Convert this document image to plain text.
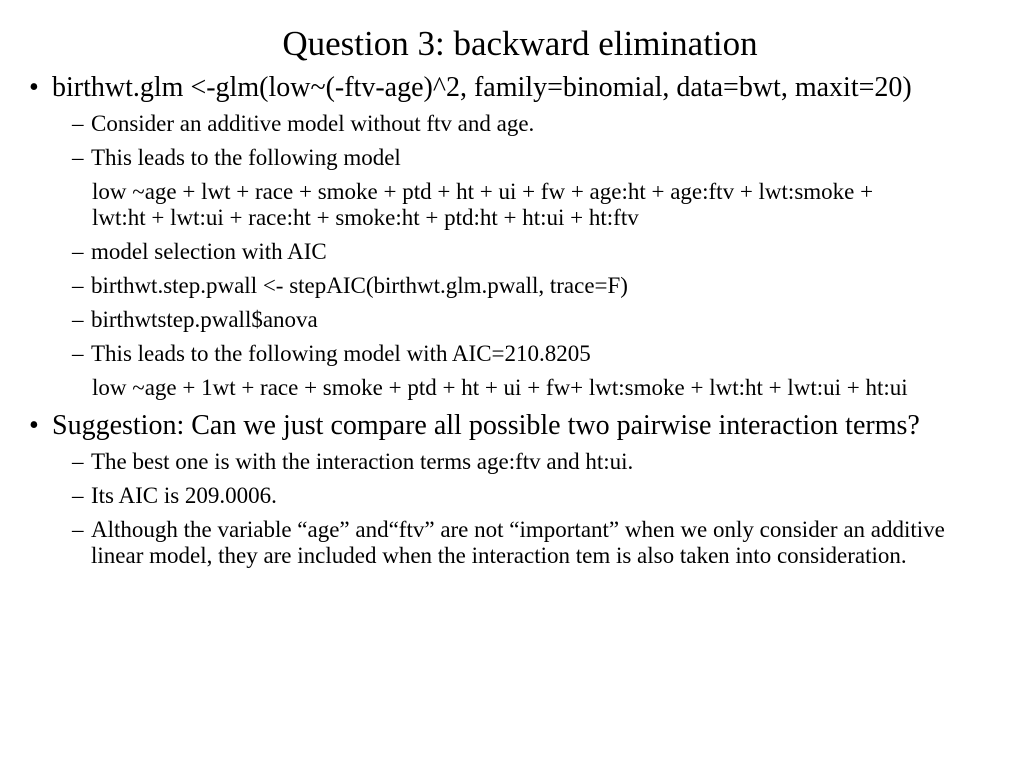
Question 3: backward elimination
• birthwt.glm <-glm(low~(-ftv-age)^2, family=binomial, data=bwt, maxit=20)
– Consider an additive model without ftv and age.
– This leads to the following model
low ~age + lwt + race + smoke + ptd + ht + ui + fw + age:ht + age:ftv + lwt:smoke + lwt:ht + lwt:ui + race:ht + smoke:ht + ptd:ht + ht:ui + ht:ftv
– model selection with AIC
– birthwt.step.pwall <- stepAIC(birthwt.glm.pwall, trace=F)
– birthwtstep.pwall$anova
– This leads to the following model with AIC=210.8205
low ~age + 1wt + race + smoke + ptd + ht + ui + fw+ lwt:smoke + lwt:ht + lwt:ui + ht:ui
• Suggestion: Can we just compare all possible two pairwise interaction terms?
– The best one is with the interaction terms age:ftv and ht:ui.
– Its AIC is 209.0006.
– Although the variable “age” and“ftv” are not “important” when we only consider an additive linear model, they are included when the interaction tem is also taken into consideration.
